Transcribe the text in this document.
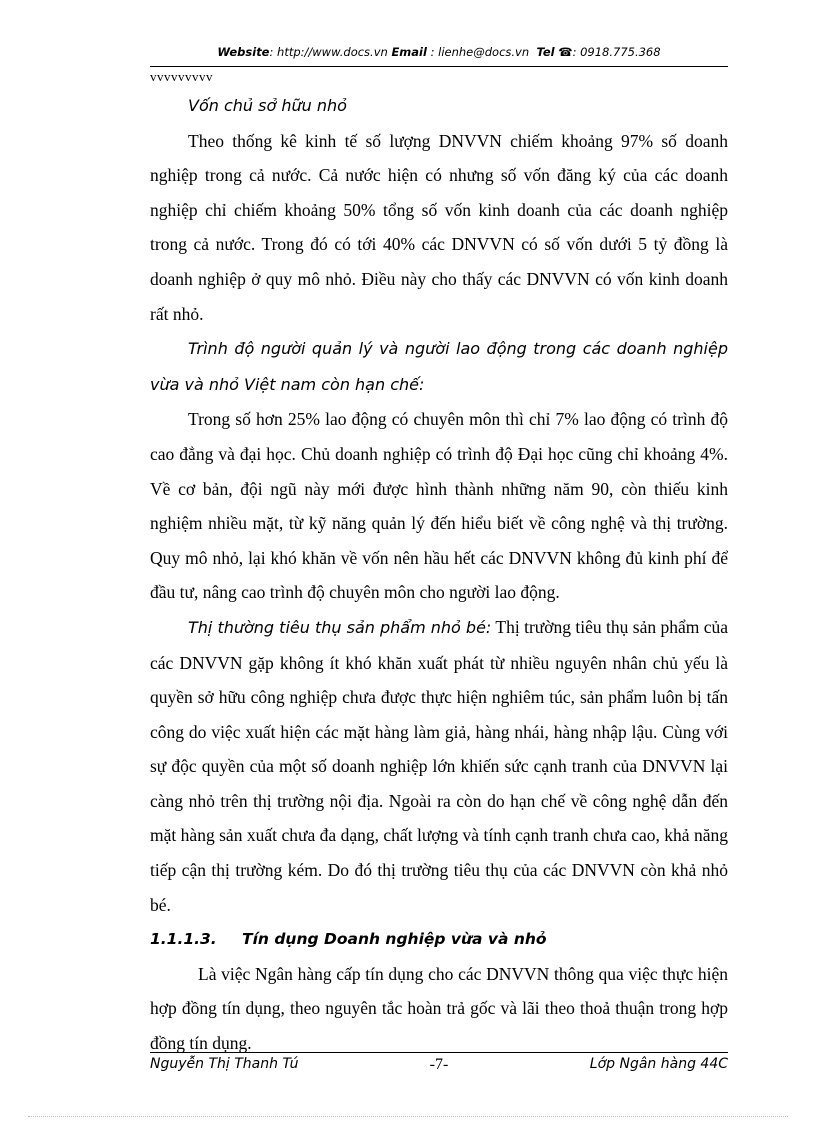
Website: http://www.docs.vn Email : lienhe@docs.vn Tel ☎: 0918.775.368

vvvvvvvvv

Vốn chủ sở hữu nhỏ

Theo thống kê kinh tế số lượng DNVVN chiếm khoảng 97% số doanh nghiệp trong cả nước. Cả nước hiện có nhưng số vốn đăng ký của các doanh nghiệp chỉ chiếm khoảng 50% tổng số vốn kinh doanh của các doanh nghiệp trong cả nước. Trong đó có tới 40% các DNVVN có số vốn dưới 5 tỷ đồng là doanh nghiệp ở quy mô nhỏ. Điều này cho thấy các DNVVN có vốn kinh doanh rất nhỏ.

Trình độ người quản lý và người lao động trong các doanh nghiệp vừa và nhỏ Việt nam còn hạn chế:

Trong số hơn 25% lao động có chuyên môn thì chỉ 7% lao động có trình độ cao đẳng và đại học. Chủ doanh nghiệp có trình độ Đại học cũng chỉ khoảng 4%. Về cơ bản, đội ngũ này mới được hình thành những năm 90, còn thiếu kinh nghiệm nhiều mặt, từ kỹ năng quản lý đến hiểu biết về công nghệ và thị trường. Quy mô nhỏ, lại khó khăn về vốn nên hầu hết các DNVVN không đủ kinh phí để đầu tư, nâng cao trình độ chuyên môn cho người lao động.

Thị thường tiêu thụ sản phẩm nhỏ bé: Thị trường tiêu thụ sản phẩm của các DNVVN gặp không ít khó khăn xuất phát từ nhiều nguyên nhân chủ yếu là quyền sở hữu công nghiệp chưa được thực hiện nghiêm túc, sản phẩm luôn bị tấn công do việc xuất hiện các mặt hàng làm giả, hàng nhái, hàng nhập lậu. Cùng với sự độc quyền của một số doanh nghiệp lớn khiến sức cạnh tranh của DNVVN lại càng nhỏ trên thị trường nội địa. Ngoài ra còn do hạn chế về công nghệ dẫn đến mặt hàng sản xuất chưa đa dạng, chất lượng và tính cạnh tranh chưa cao, khả năng tiếp cận thị trường kém. Do đó thị trường tiêu thụ của các DNVVN còn khả nhỏ bé.

1.1.1.3. Tín dụng Doanh nghiệp vừa và nhỏ

Là việc Ngân hàng cấp tín dụng cho các DNVVN thông qua việc thực hiện hợp đồng tín dụng, theo nguyên tắc hoàn trả gốc và lãi theo thoả thuận trong hợp đồng tín dụng.

Nguyễn Thị Thanh Tú	-7-	Lớp Ngân hàng 44C
